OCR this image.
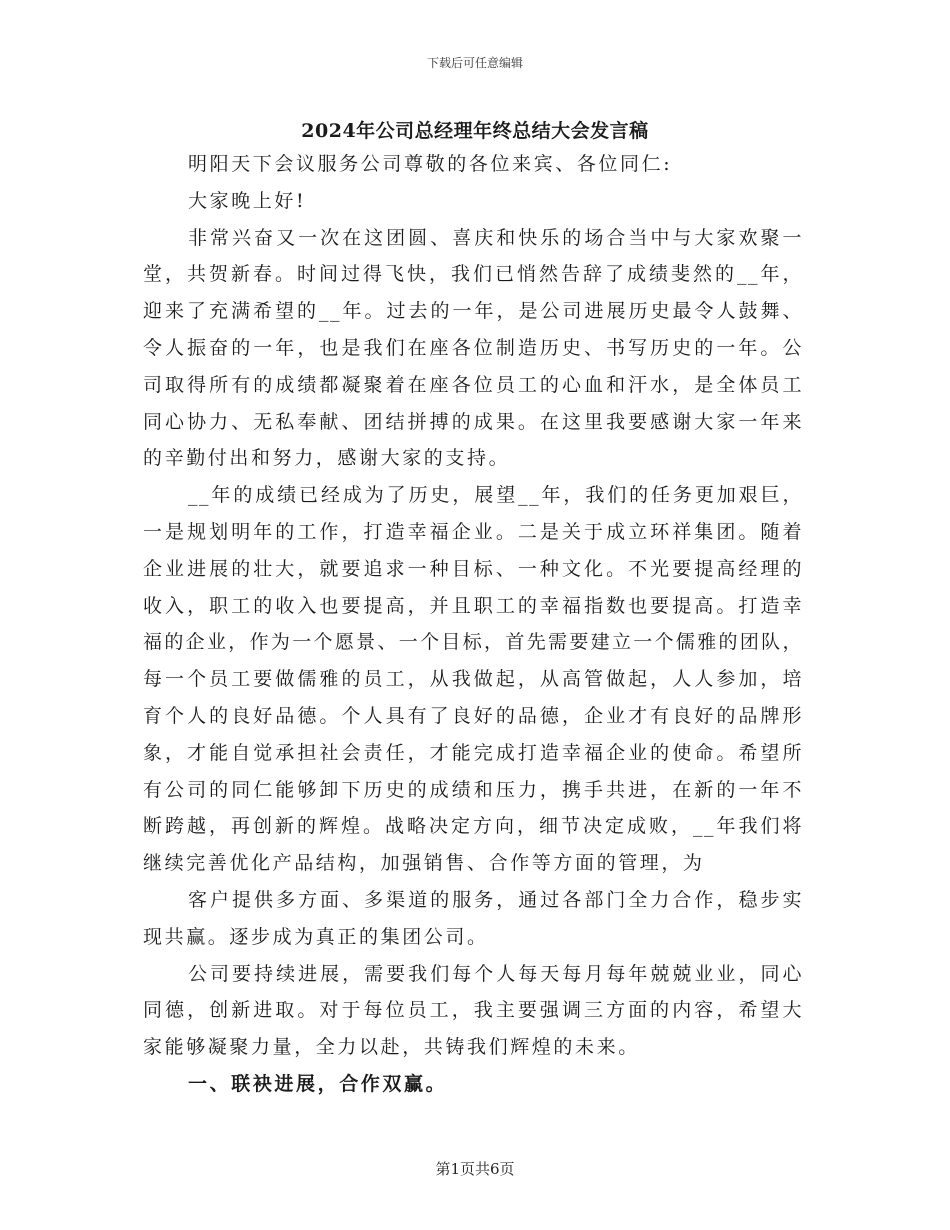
下载后可任意编辑
2024年公司总经理年终总结大会发言稿
明阳天下会议服务公司尊敬的各位来宾、各位同仁:
大家晚上好!
非常兴奋又一次在这团圆、喜庆和快乐的场合当中与大家欢聚一
堂，共贺新春。时间过得飞快，我们已悄然告辞了成绩斐然的__年，
迎来了充满希望的__年。过去的一年，是公司进展历史最令人鼓舞、
令人振奋的一年，也是我们在座各位制造历史、书写历史的一年。公
司取得所有的成绩都凝聚着在座各位员工的心血和汗水，是全体员工
同心协力、无私奉献、团结拼搏的成果。在这里我要感谢大家一年来
的辛勤付出和努力，感谢大家的支持。
__年的成绩已经成为了历史，展望__年，我们的任务更加艰巨，
一是规划明年的工作，打造幸福企业。二是关于成立环祥集团。随着
企业进展的壮大，就要追求一种目标、一种文化。不光要提高经理的
收入，职工的收入也要提高，并且职工的幸福指数也要提高。打造幸
福的企业，作为一个愿景、一个目标，首先需要建立一个儒雅的团队，
每一个员工要做儒雅的员工，从我做起，从高管做起，人人参加，培
育个人的良好品德。个人具有了良好的品德，企业才有良好的品牌形
象，才能自觉承担社会责任，才能完成打造幸福企业的使命。希望所
有公司的同仁能够卸下历史的成绩和压力，携手共进，在新的一年不
断跨越，再创新的辉煌。战略决定方向，细节决定成败，__年我们将
继续完善优化产品结构，加强销售、合作等方面的管理，为
客户提供多方面、多渠道的服务，通过各部门全力合作，稳步实
现共赢。逐步成为真正的集团公司。
公司要持续进展，需要我们每个人每天每月每年兢兢业业，同心
同德，创新进取。对于每位员工，我主要强调三方面的内容，希望大
家能够凝聚力量，全力以赴，共铸我们辉煌的未来。
一、联袂进展，合作双赢。
第1页共6页
